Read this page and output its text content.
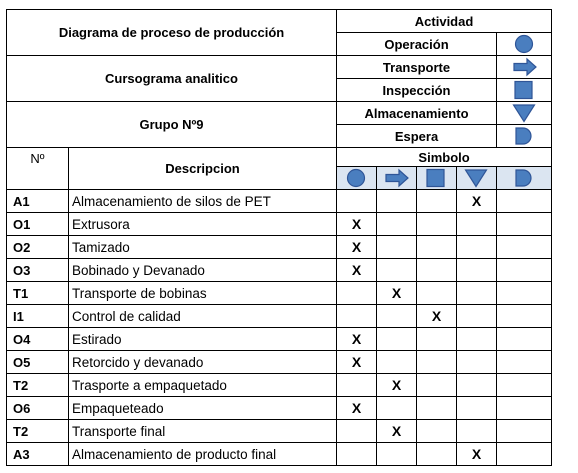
Diagrama de proceso de producción		Actividad				
		Operación	

Cursograma analitico		Transporte	

		Inspección	

Grupo Nº9		Almacenamiento	

		Espera	

Nº	Descripcion	Simbolo				

A1	Almacenamiento de silos de PET				X	
O1	Extrusora	X				
O2	Tamizado	X				
O3	Bobinado y Devanado	X				
T1	Transporte de bobinas		X			
I1	Control de calidad			X		
O4	Estirado	X				
O5	Retorcido y devanado	X				
T2	Trasporte a empaquetado		X			
O6	Empaqueteado	X				
T2	Transporte final		X			
A3	Almacenamiento de producto final				X	
